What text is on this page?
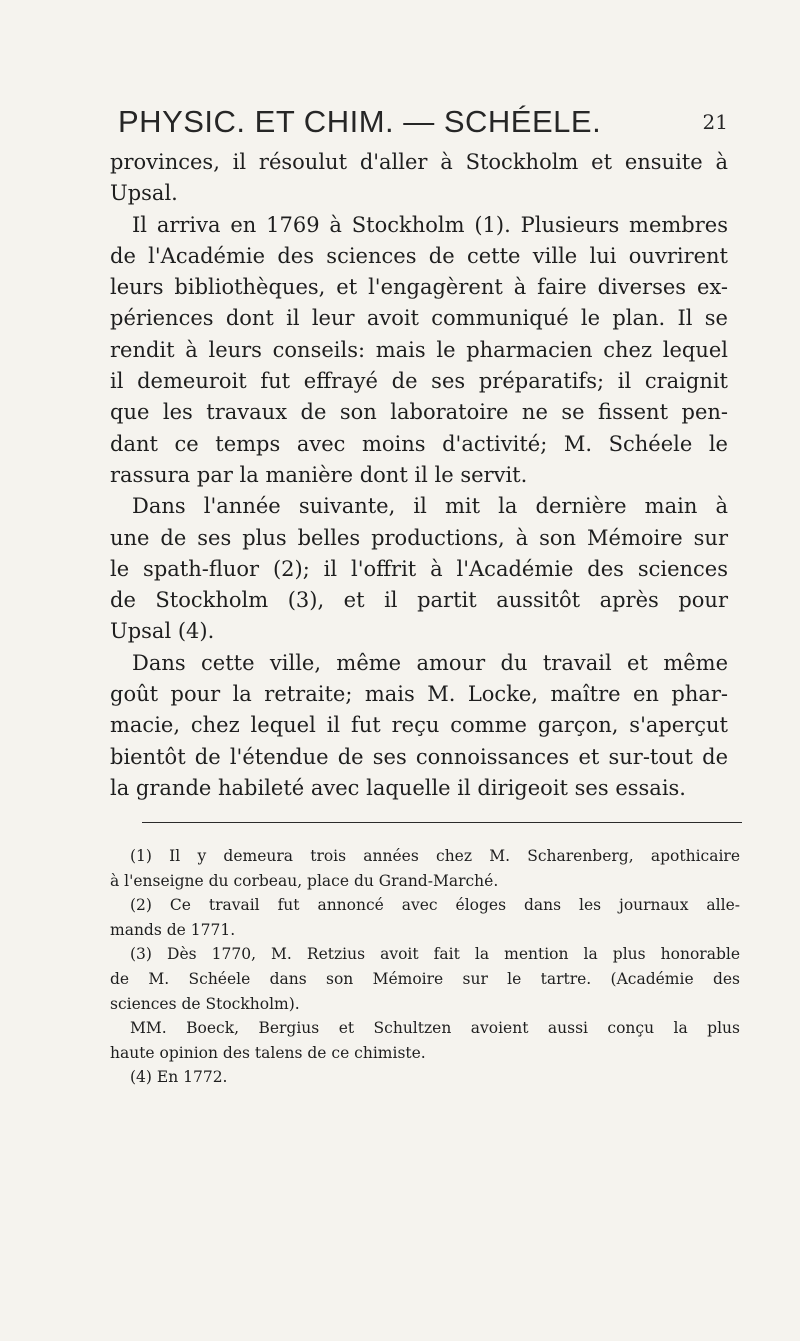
PHYSIC. ET CHIM. — SCHÉELE.	21
provinces, il résoulut d'aller à Stockholm et ensuite à
Upsal.
Il arriva en 1769 à Stockholm (1). Plusieurs membres
de l'Académie des sciences de cette ville lui ouvrirent
leurs bibliothèques, et l'engagèrent à faire diverses ex-
périences dont il leur avoit communiqué le plan. Il se
rendit à leurs conseils: mais le pharmacien chez lequel
il demeuroit fut effrayé de ses préparatifs; il craignit
que les travaux de son laboratoire ne se fissent pen-
dant ce temps avec moins d'activité; M. Schéele le
rassura par la manière dont il le servit.
Dans l'année suivante, il mit la dernière main à
une de ses plus belles productions, à son Mémoire sur
le spath-fluor (2); il l'offrit à l'Académie des sciences
de Stockholm (3), et il partit aussitôt après pour
Upsal (4).
Dans cette ville, même amour du travail et même
goût pour la retraite; mais M. Locke, maître en phar-
macie, chez lequel il fut reçu comme garçon, s'aperçut
bientôt de l'étendue de ses connoissances et sur-tout de
la grande habileté avec laquelle il dirigeoit ses essais.
(1) Il y demeura trois années chez M. Scharenberg, apothicaire
à l'enseigne du corbeau, place du Grand-Marché.
(2) Ce travail fut annoncé avec éloges dans les journaux alle-
mands de 1771.
(3) Dès 1770, M. Retzius avoit fait la mention la plus honorable
de M. Schéele dans son Mémoire sur le tartre. (Académie des
sciences de Stockholm).
MM. Boeck, Bergius et Schultzen avoient aussi conçu la plus
haute opinion des talens de ce chimiste.
(4) En 1772.
